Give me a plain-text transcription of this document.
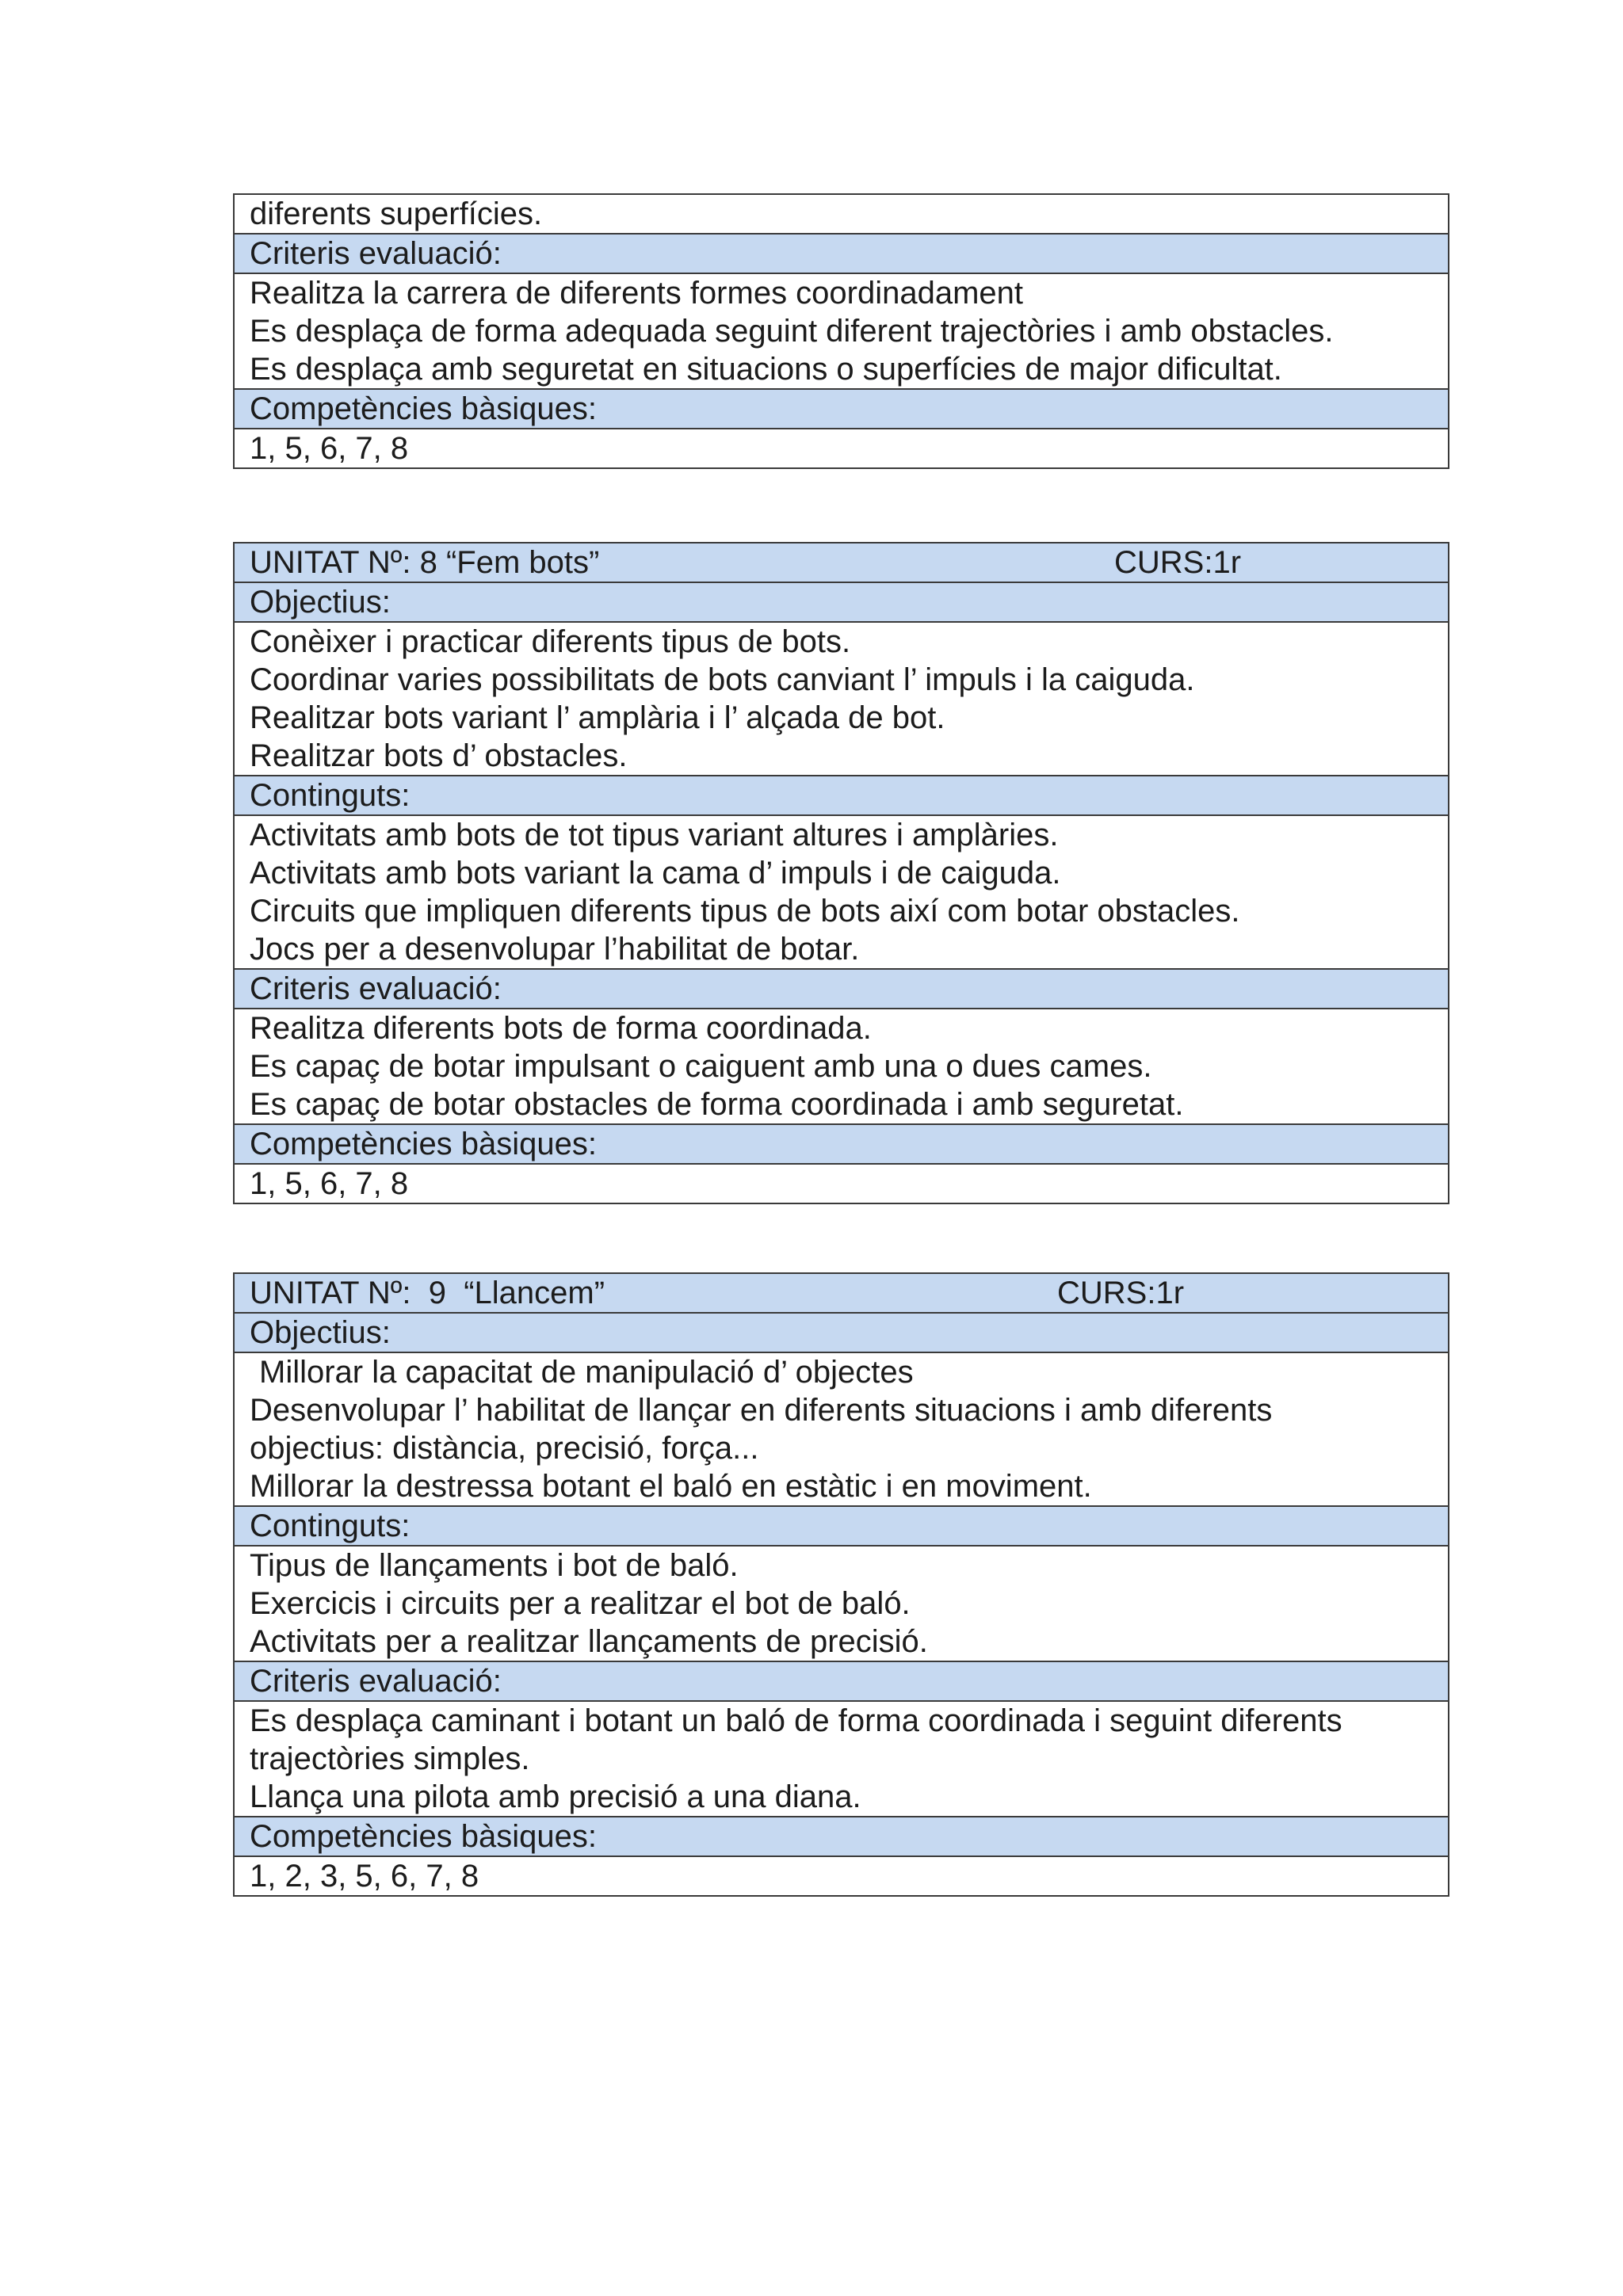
diferents superfícies.

Criteris evaluació:

Realitza la carrera de diferents formes coordinadament
Es desplaça de forma adequada seguint diferent trajectòries i amb obstacles.
Es desplaça amb seguretat en situacions o superfícies de major dificultat.

Competències bàsiques:

1, 5, 6, 7, 8
UNITAT Nº: 8 “Fem bots”	CURS:1r

Objectius:

Conèixer i practicar diferents tipus de bots.
Coordinar varies possibilitats de bots canviant l’ impuls i la caiguda.
Realitzar bots variant l’ amplària i l’ alçada de bot.
Realitzar bots d’ obstacles.

Continguts:

Activitats amb bots de tot tipus variant altures i amplàries.
Activitats amb bots variant la cama d’ impuls i de caiguda.
Circuits que impliquen diferents tipus de bots així com botar obstacles.
Jocs per a desenvolupar l’habilitat de botar.

Criteris evaluació:

Realitza diferents bots de forma coordinada.
Es capaç de botar impulsant o caiguent amb una o dues cames.
Es capaç de botar obstacles de forma coordinada i amb seguretat.

Competències bàsiques:

1, 5, 6, 7, 8
UNITAT Nº:  9  “Llancem”	CURS:1r

Objectius:

Millorar la capacitat de manipulació d’ objectes
Desenvolupar l’ habilitat de llançar en diferents situacions i amb diferents
objectius: distància, precisió, força...
Millorar la destressa botant el baló en estàtic i en moviment.

Continguts:

Tipus de llançaments i bot de baló.
Exercicis i circuits per a realitzar el bot de baló.
Activitats per a realitzar llançaments de precisió.

Criteris evaluació:

Es desplaça caminant i botant un baló de forma coordinada i seguint diferents
trajectòries simples.
Llança una pilota amb precisió a una diana.

Competències bàsiques:

1, 2, 3, 5, 6, 7, 8
